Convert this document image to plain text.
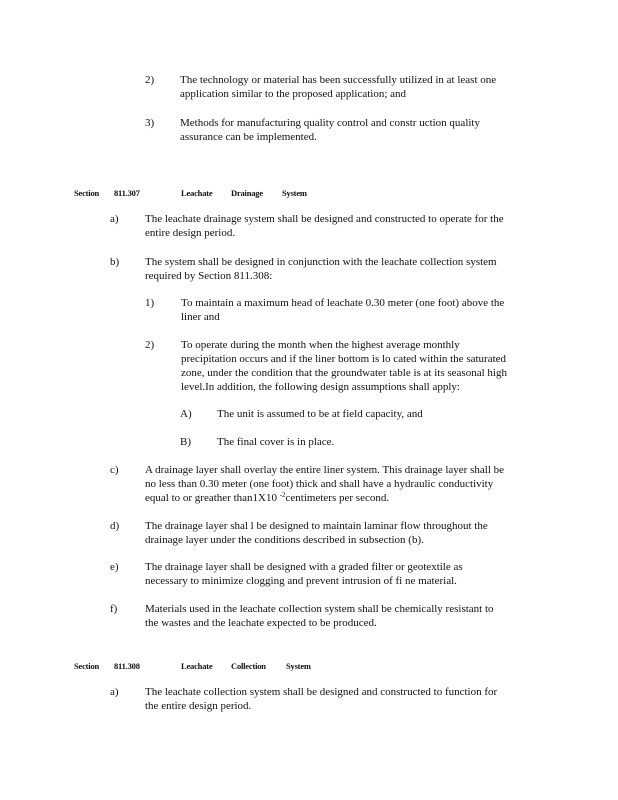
2) The technology or material has been successfully utilized in at least one
application similar to the proposed application; and
3) Methods for manufacturing quality control and constr uction quality
assurance can be implemented.
Section 811.307	Leachate Drainage System
a) The leachate drainage system shall be designed and constructed to operate for the
entire design period.
b) The system shall be designed in conjunction with the leachate collection system
required by Section 811.308:
1) To maintain a maximum head of leachate 0.30 meter (one foot) above the
liner and
2) To operate during the month when the highest average monthly
precipitation occurs and if the liner bottom is lo cated within the saturated
zone, under the condition that the groundwater table is at its seasonal high
level.In addition, the following design assumptions shall apply:
A) The unit is assumed to be at field capacity, and
B) The final cover is in place.
c) A drainage layer shall overlay the entire liner system. This drainage layer shall be
no less than 0.30 meter (one foot) thick and shall have a hydraulic conductivity
equal to or greather than1X10 $^{-2}$centimeters per second.
d) The drainage layer shal l be designed to maintain laminar flow throughout the
drainage layer under the conditions described in subsection (b).
e) The drainage layer shall be designed with a graded filter or geotextile as
necessary to minimize clogging and prevent intrusion of fi ne material.
f)	Materials used in the leachate collection system shall be chemically resistant to
the wastes and the leachate expected to be produced.
Section 811.308	Leachate Collection System
a) The leachate collection system shall be designed and constructed to function for
the entire design period.
